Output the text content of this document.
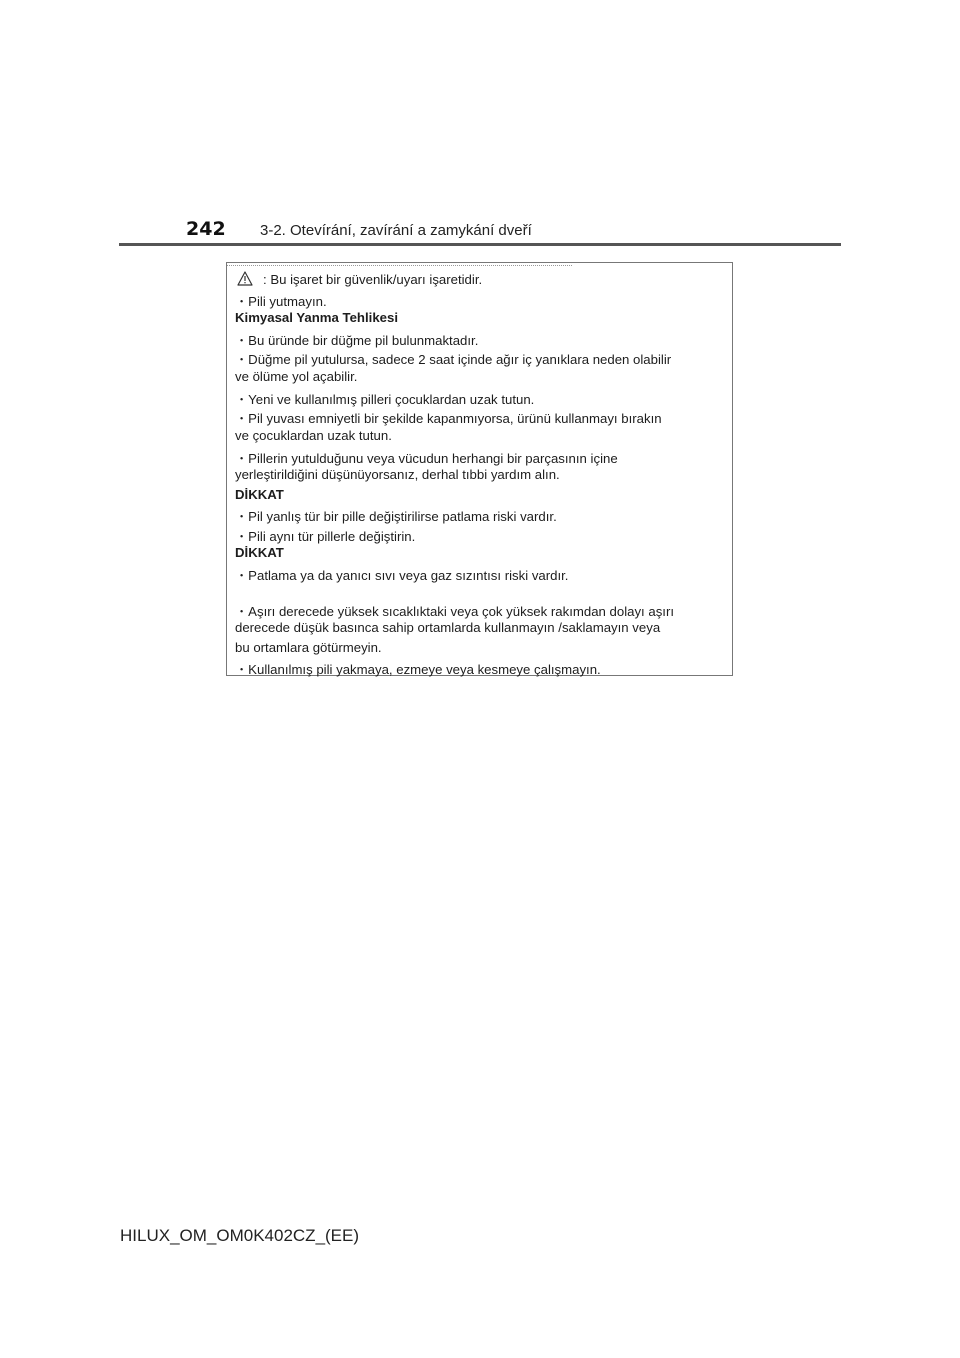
242 3-2. Otevírání, zavírání a zamykání dveří
: Bu işaret bir güvenlik/uyarı işaretidir.
・Pili yutmayın.
Kimyasal Yanma Tehlikesi
・Bu üründe bir düğme pil bulunmaktadır.
・Düğme pil yutulursa, sadece 2 saat içinde ağır iç yanıklara neden olabilir
ve ölüme yol açabilir.
・Yeni ve kullanılmış pilleri çocuklardan uzak tutun.
・Pil yuvası emniyetli bir şekilde kapanmıyorsa, ürünü kullanmayı bırakın
ve çocuklardan uzak tutun.
・Pillerin yutulduğunu veya vücudun herhangi bir parçasının içine
yerleştirildiğini düşünüyorsanız, derhal tıbbi yardım alın.
DİKKAT
・Pil yanlış tür bir pille değiştirilirse patlama riski vardır.
・Pili aynı tür pillerle değiştirin.
DİKKAT
・Patlama ya da yanıcı sıvı veya gaz sızıntısı riski vardır.
・Aşırı derecede yüksek sıcaklıktaki veya çok yüksek rakımdan dolayı aşırı
derecede düşük basınca sahip ortamlarda kullanmayın /saklamayın veya
bu ortamlara götürmeyin.
・Kullanılmış pili yakmaya, ezmeye veya kesmeye çalışmayın.
HILUX_OM_OM0K402CZ_(EE)
